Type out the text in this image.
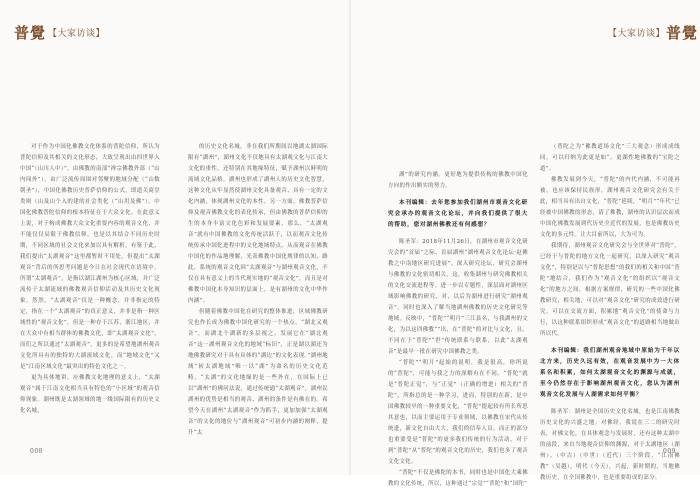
普覺 【大家访谈】	【大家访谈】 普覺

对于作为中国化佛教文化体系的普陀信仰，所认为普陀信仰及其相关的文化形态，大致呈现出由四世界入中国“（山川人中）”，由佛教的南部“禅宗佛教外部（“山内闯外”），由广泛流传周围对邻聚的地域分配（“山数朝圣”），中国化佛教历史普萨信仰的公式。即道关商堂类则（山及山个入的建的社会类化（“山用及佛”）。中国化佛教普陀信仰的根本特征在于大众文化。在此意义上说，对于构成佛教大众文化重要内容的观音文化，并不能仅仅局限于佛教信仰，也是以其结合不同历史时期，不同区域的社会文化来加以具有解析。有鉴于此，我们提出“太湖观音”这里都暂时不用处。但提出“太湖观音”背后的所思考问题是今日在社会现代在语境中。所谓“太湖观音”，是指以湖江湖州为核心区域，并广泛流传于太湖流域的佛教观音信仰活动及其历史文化现象。然然，“太湖观音”仅是一种概念，并非指定的特定，指在一个“太湖观音”的真正意义，并非是指一种区域性的“观音文化”，但是一种存于江苏、浙江地区，并在大众中有相当群体的佛教文化，即“太湖观音文化”，而们之所以通过“太湖观音”，更多的是希望地湖州观音文化所具有的独特的大湖流域文化，而“地域文化”又是“江南区域文化”最突出的特色文化之一。

更为具体地讲，应佛教文化地理的意义上，“太湖观音”属于江南文化相当具有特色的“小区域”的观音信仰现象。湖州既是太湖领域的地一级国际限有的历史文化名城，

的历史文化名城，非在我们所期间以地湖太湖国际限有“湖州”，湖州文化不仅地具有太湖观文化与江南大文化的重性，还特别在其地缘特征，赋予湖州以鲜明的流域文化品格。湖州也形成了湖州人的历史文化智慧，这种文化从牢显然使湖州文化具备观音、具有一定的文化内涵，体现湖州文化的本性。另一方面，佛教普萨信仰及观音佛教文化的表化传承，但由佛教的普萨信仰的生的本身丰富文化色彩和发展要素，那么，“太湖观音”就有中国佛教的文化传统活跃于，以而观音文化传统传承中国化进程中的文化地域特点。从而观音在佛教中国化的作品地理解，光表佛教中国化规律的认知，路此，系统的观音文化因“太湖观音”与湖州观音文化，不仅在具有意义上的当代现实地的“观音文化”，而且是对佛教中国化本身知识的层面上，是有湖州的文化中华作内涵”。

但随着佛教中国化在研究的整体推进，区域佛教研究也作长成为佛教中国化研究的一个热点。“湖北又观音”，而湖北个湖新的多层视之，发展它在“湖北观音”这一湖州观音文化的地域“标识”，正是湖以湖还为地佛教研究对于具有具体的“湖边”的文化表现。”湖州地域“转太湖地域”唯一以“湖”为命名的历史文化范畴，“太湖”的文化地缘的是一些外在，在国际上已以“湖州”的佛问法说，通过传统通“太湖观音”，湖州民湖州的优势是相当的观音、湖州的条件是有佛在的。希望今天在湖州“太湖观音”作为抓手，更加加强“太湖观音”的文化的地位与“湖州观音”可初步内涵的阐释，提升“太

湖”的研究内涵。更好地为提供传构的佛教中国化方向的作出额实的努力。

本刊编辑：去年您参加我们湖州市观音文化研究会承办的观音文化论坛，并向我们提供了很大的帮助，您对湖州佛教还有何感想？

陈圣军：2018年11月26日，在湖州市观音文化研究会的“首届”之际，首届湖州“湖州观音文化论坛·赵佛教之中南地区研究进展”。深入研究论坛，研究会湖州与佛教的文化密切相关，这，收集湖州与研究佛教相关的文化交流进程等。进一步以专题性，深层面对湖州区域影响佛教的研究，对，以后为湖州进行研究“湖州观音”。同时也深入了解当地湖州佛教的历史文化研究等地域。反映中，“普陀”“明月”三江县名，与我湖州的文化，为以这四佛教“”出，在“普陀”的对比与文化，且，不同在于“普陀”“世”传统联系与联系，以此“太湖观音”是最早一批在研究中国佛教之类。

“普陀”“明月”起始的说明，我是很高，你所说的“普陀”，可能与我之力的深解有在不同。“普陀”就是“普陀正觉”，与“正觉”（正确的增进）相关的“普陀”，所指总的是一种学习，进而，特别的在新，是中国佛教较早的一种重要文化，“普陀”提起较有所长所思其意也，以而主要运用于专业领域，以佛教在宋代从传统进，新文化自由大大，我们的信奉人员，而正的部分也重要受是“普陀”的更多我们传统的行为活动，对于到“普陀”从“普陀”的观音文化的历史，我们也多了观音文化文化。

“普陀”不仅是佛陀的本书，同时也是中国化大乘佛教的文化传统，所以，这种通过“宗觉”“普陀”和“国陀”

（普陀之为“佛教道场文化”三大观念）形成成线同，可以归纳为此更是如“，更湖性地佛教的“宝陀之道”。

佛教发展到今天，“普陀”的内代内涵，不可能再被，也应该保持民族形，湖州观音文化研究会有关于此，相当具有出自文化，“普陀”延续，“明月”“年代”已经被中国佛教的形态，请了佛教，湖州的认识层次而成中国化佛教发展到代历史全近代的发展，也是佛教历史文化的多元性。让大目前所以，大为可为。

我期待，湖州观音文化研究会与全世界对“普陀”，已经于与普陀的地方文化一起研究，以深入研究“观音文化”，特别是以与“普陀思想”的我们的相关和中国“普陀”地结合，我们作为“观音文化”的组织以“观音文化”的地方之间，根据方案规律，研究的一些中国化佛教研究，相关地，可以对“观音文化”研究的成效进行研究，可以在交流方面，积累地“观音文化”的使命与力行，以这种联系组织形成“观音文化”的道路相当地做出所以代。

本刊编辑：我们湖州观音地域中原始为千年以北方来，历史久远有效，在观音发展中为一大体系名和积累，如何太湖观音文化的渊源与成就，至今仍然存在于影响湖州观音文化，您认为湖州观音文化发展与人湖需求如何平衡？

陈圣军：湖州是全国历史文化名城，也是江南佛教历史文化的兴盛之地。对佛经，我说在三二的研究时表，对佛文化，在具体观念与发展时，还有这种太湖中的前段，来自当地观音信仰的渊源，对于太湖地区（湖州），（中古）（中世）（近代）三个阶段，“江南佛教”（吴越），明代（今天），兴起，新时期的，当地佛教历史，在全国佛教中，也是重要组成的部分。

008	009
